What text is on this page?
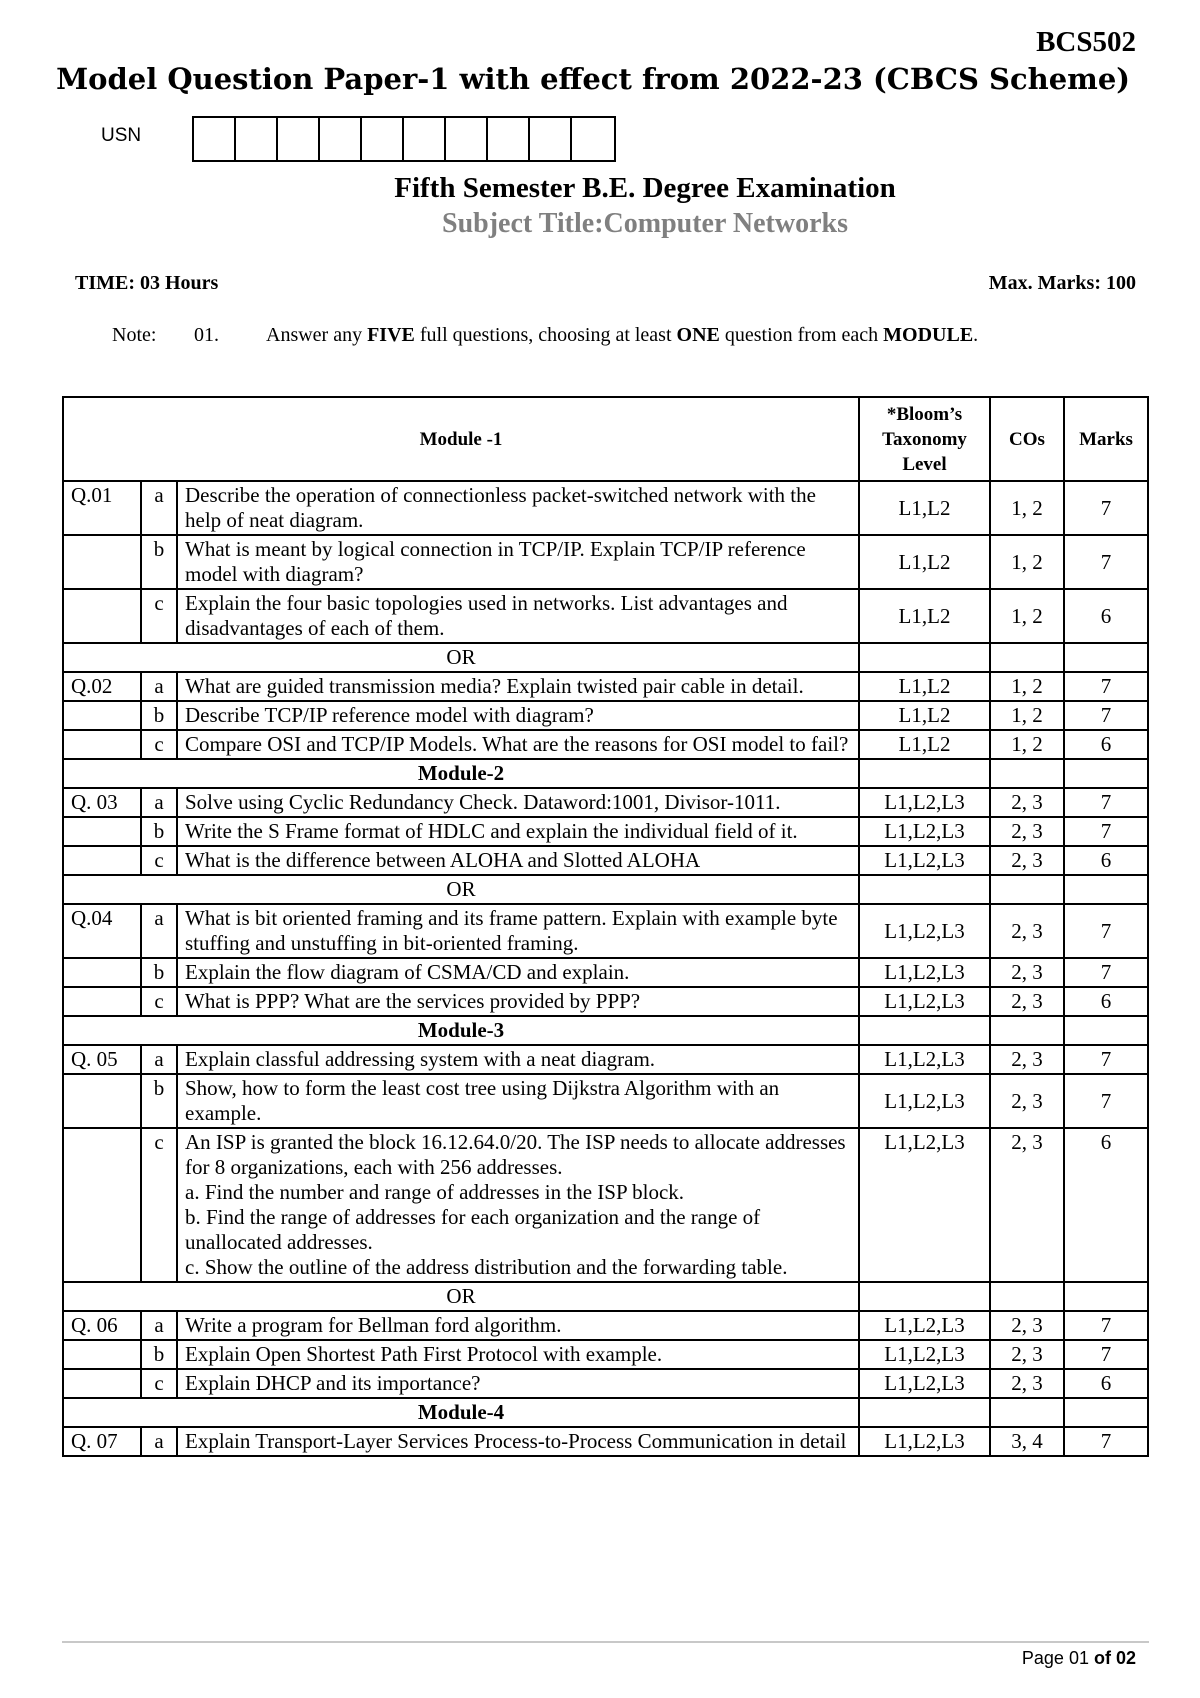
BCS502
Model Question Paper-1 with effect from 2022-23 (CBCS Scheme)
USN
Fifth Semester B.E. Degree Examination
Subject Title:Computer Networks
TIME: 03 Hours	Max. Marks: 100
Note:	01.	Answer any FIVE full questions, choosing at least ONE question from each MODULE.
Module -1			*Bloom’s Taxonomy Level	COs	Marks
Q.01	a	Describe the operation of connectionless packet-switched network with the help of neat diagram.	L1,L2	1, 2	7
	b	What is meant by logical connection in TCP/IP. Explain TCP/IP reference model with diagram?	L1,L2	1, 2	7
	c	Explain the four basic topologies used in networks. List advantages and disadvantages of each of them.	L1,L2	1, 2	6
OR					
Q.02	a	What are guided transmission media? Explain twisted pair cable in detail.	L1,L2	1, 2	7
	b	Describe TCP/IP reference model with diagram?	L1,L2	1, 2	7
	c	Compare OSI and TCP/IP Models. What are the reasons for OSI model to fail?	L1,L2	1, 2	6
Module-2					
Q. 03	a	Solve using Cyclic Redundancy Check. Dataword:1001, Divisor-1011.	L1,L2,L3	2, 3	7
	b	Write the S Frame format of HDLC and explain the individual field of it.	L1,L2,L3	2, 3	7
	c	What is the difference between ALOHA and Slotted ALOHA	L1,L2,L3	2, 3	6
OR					
Q.04	a	What is bit oriented framing and its frame pattern. Explain with example byte stuffing and unstuffing in bit-oriented framing.	L1,L2,L3	2, 3	7
	b	Explain the flow diagram of CSMA/CD and explain.	L1,L2,L3	2, 3	7
	c	What is PPP? What are the services provided by PPP?	L1,L2,L3	2, 3	6
Module-3					
Q. 05	a	Explain classful addressing system with a neat diagram.	L1,L2,L3	2, 3	7
	b	Show, how to form the least cost tree using Dijkstra Algorithm with an example.	L1,L2,L3	2, 3	7
	c	An ISP is granted the block 16.12.64.0/20. The ISP needs to allocate addresses for 8 organizations, each with 256 addresses.
a. Find the number and range of addresses in the ISP block.
b. Find the range of addresses for each organization and the range of unallocated addresses.
c. Show the outline of the address distribution and the forwarding table.	L1,L2,L3	2, 3	6
OR					
Q. 06	a	Write a program for Bellman ford algorithm.	L1,L2,L3	2, 3	7
	b	Explain Open Shortest Path First Protocol with example.	L1,L2,L3	2, 3	7
	c	Explain DHCP and its importance?	L1,L2,L3	2, 3	6
Module-4					
Q. 07	a	Explain Transport-Layer Services Process-to-Process Communication in detail	L1,L2,L3	3, 4	7
Page 01 of 02
